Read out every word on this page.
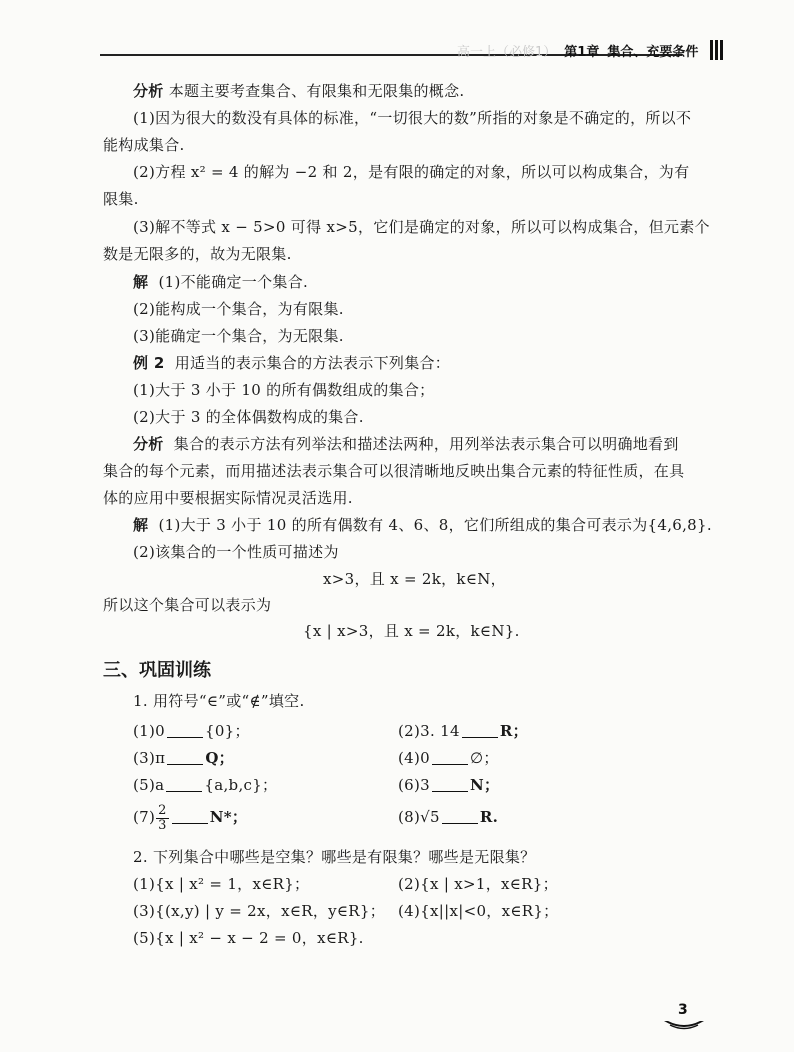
高一上（必修1） 第1章 集合、充要条件
分析 本题主要考查集合、有限集和无限集的概念.
(1)因为很大的数没有具体的标准，“一切很大的数”所指的对象是不确定的，所以不
能构成集合.
(2)方程 x² = 4 的解为 −2 和 2，是有限的确定的对象，所以可以构成集合，为有
限集.
(3)解不等式 x − 5>0 可得 x>5，它们是确定的对象，所以可以构成集合，但元素个
数是无限多的，故为无限集.
解 (1)不能确定一个集合.
(2)能构成一个集合，为有限集.
(3)能确定一个集合，为无限集.
例 2 用适当的表示集合的方法表示下列集合：
(1)大于 3 小于 10 的所有偶数组成的集合；
(2)大于 3 的全体偶数构成的集合.
分析 集合的表示方法有列举法和描述法两种，用列举法表示集合可以明确地看到
集合的每个元素，而用描述法表示集合可以很清晰地反映出集合元素的特征性质，在具
体的应用中要根据实际情况灵活选用.
解 (1)大于 3 小于 10 的所有偶数有 4、6、8，它们所组成的集合可表示为{4,6,8}.
(2)该集合的一个性质可描述为
x>3，且 x = 2k，k∈N，
所以这个集合可以表示为
{x | x>3，且 x = 2k，k∈N}.
三、巩固训练
1. 用符号“∈”或“∉”填空.
(1)0	{0}；	(2)3. 14	R；
(3)π	Q；	(4)0	∅；
(5)a	{a,b,c}；	(6)3	N；
$(7) \frac{2}{3}$	N*；	(8)√5	R.
2. 下列集合中哪些是空集？哪些是有限集？哪些是无限集？
(1){x | x² = 1，x∈R}；	(2){x | x>1，x∈R}；
(3){(x,y) | y = 2x，x∈R，y∈R}； (4){x||x|<0，x∈R}；
(5){x | x² − x − 2 = 0，x∈R}.
3
